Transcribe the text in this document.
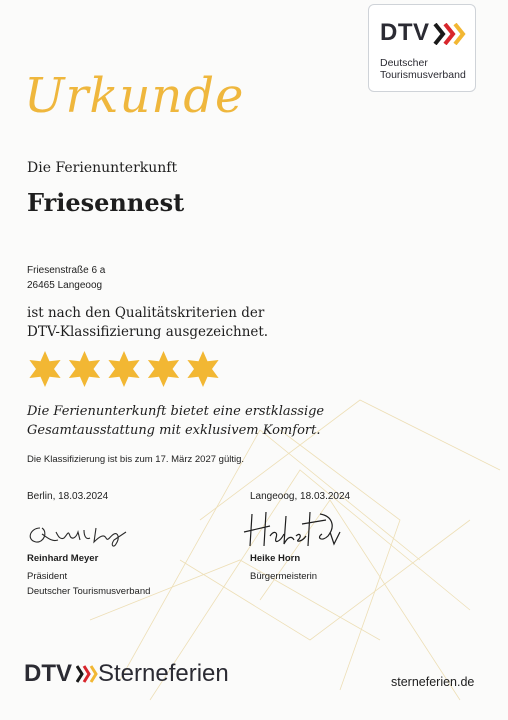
DTV
Deutscher
Tourismusverband
Urkunde
Die Ferienunterkunft
Friesennest
Friesenstraße 6 a
26465 Langeoog
ist nach den Qualitätskriterien der
DTV-Klassifizierung ausgezeichnet.
Die Ferienunterkunft bietet eine erstklassige
Gesamtausstattung mit exklusivem Komfort.
Die Klassifizierung ist bis zum 17. März 2027 gültig.
Berlin, 18.03.2024
Reinhard Meyer
Präsident
Deutscher Tourismusverband
Langeoog, 18.03.2024
Heike Horn
Bürgermeisterin
DTV Sterneferien	sterneferien.de
